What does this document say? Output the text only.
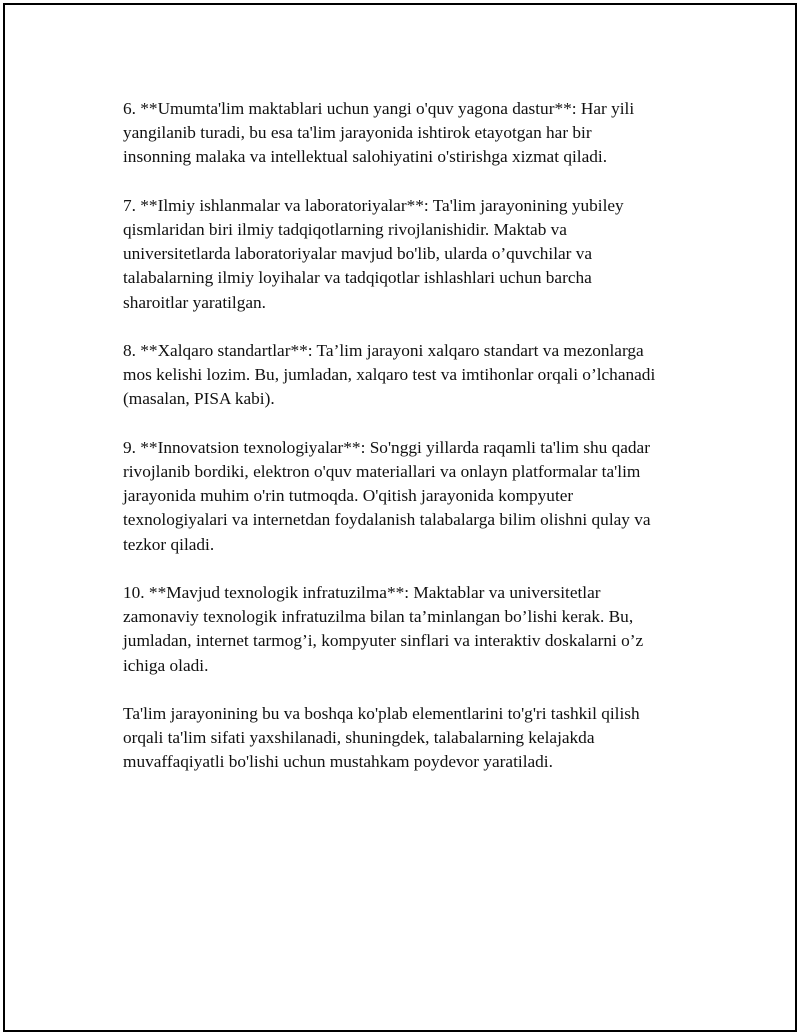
6. **Umumta'lim maktablari uchun yangi o'quv yagona dastur**: Har yili
yangilanib turadi, bu esa ta'lim jarayonida ishtirok etayotgan har bir
insonning malaka va intellektual salohiyatini o'stirishga xizmat qiladi.

7. **Ilmiy ishlanmalar va laboratoriyalar**: Ta'lim jarayonining yubiley
qismlaridan biri ilmiy tadqiqotlarning rivojlanishidir. Maktab va
universitetlarda laboratoriyalar mavjud bo'lib, ularda o’quvchilar va
talabalarning ilmiy loyihalar va tadqiqotlar ishlashlari uchun barcha
sharoitlar yaratilgan.

8. **Xalqaro standartlar**: Ta’lim jarayoni xalqaro standart va mezonlarga
mos kelishi lozim. Bu, jumladan, xalqaro test va imtihonlar orqali o’lchanadi
(masalan, PISA kabi).

9. **Innovatsion texnologiyalar**: So'nggi yillarda raqamli ta'lim shu qadar
rivojlanib bordiki, elektron o'quv materiallari va onlayn platformalar ta'lim
jarayonida muhim o'rin tutmoqda. O'qitish jarayonida kompyuter
texnologiyalari va internetdan foydalanish talabalarga bilim olishni qulay va
tezkor qiladi.

10. **Mavjud texnologik infratuzilma**: Maktablar va universitetlar
zamonaviy texnologik infratuzilma bilan ta’minlangan bo’lishi kerak. Bu,
jumladan, internet tarmog’i, kompyuter sinflari va interaktiv doskalarni o’z
ichiga oladi.

Ta'lim jarayonining bu va boshqa ko'plab elementlarini to'g'ri tashkil qilish
orqali ta'lim sifati yaxshilanadi, shuningdek, talabalarning kelajakda
muvaffaqiyatli bo'lishi uchun mustahkam poydevor yaratiladi.
